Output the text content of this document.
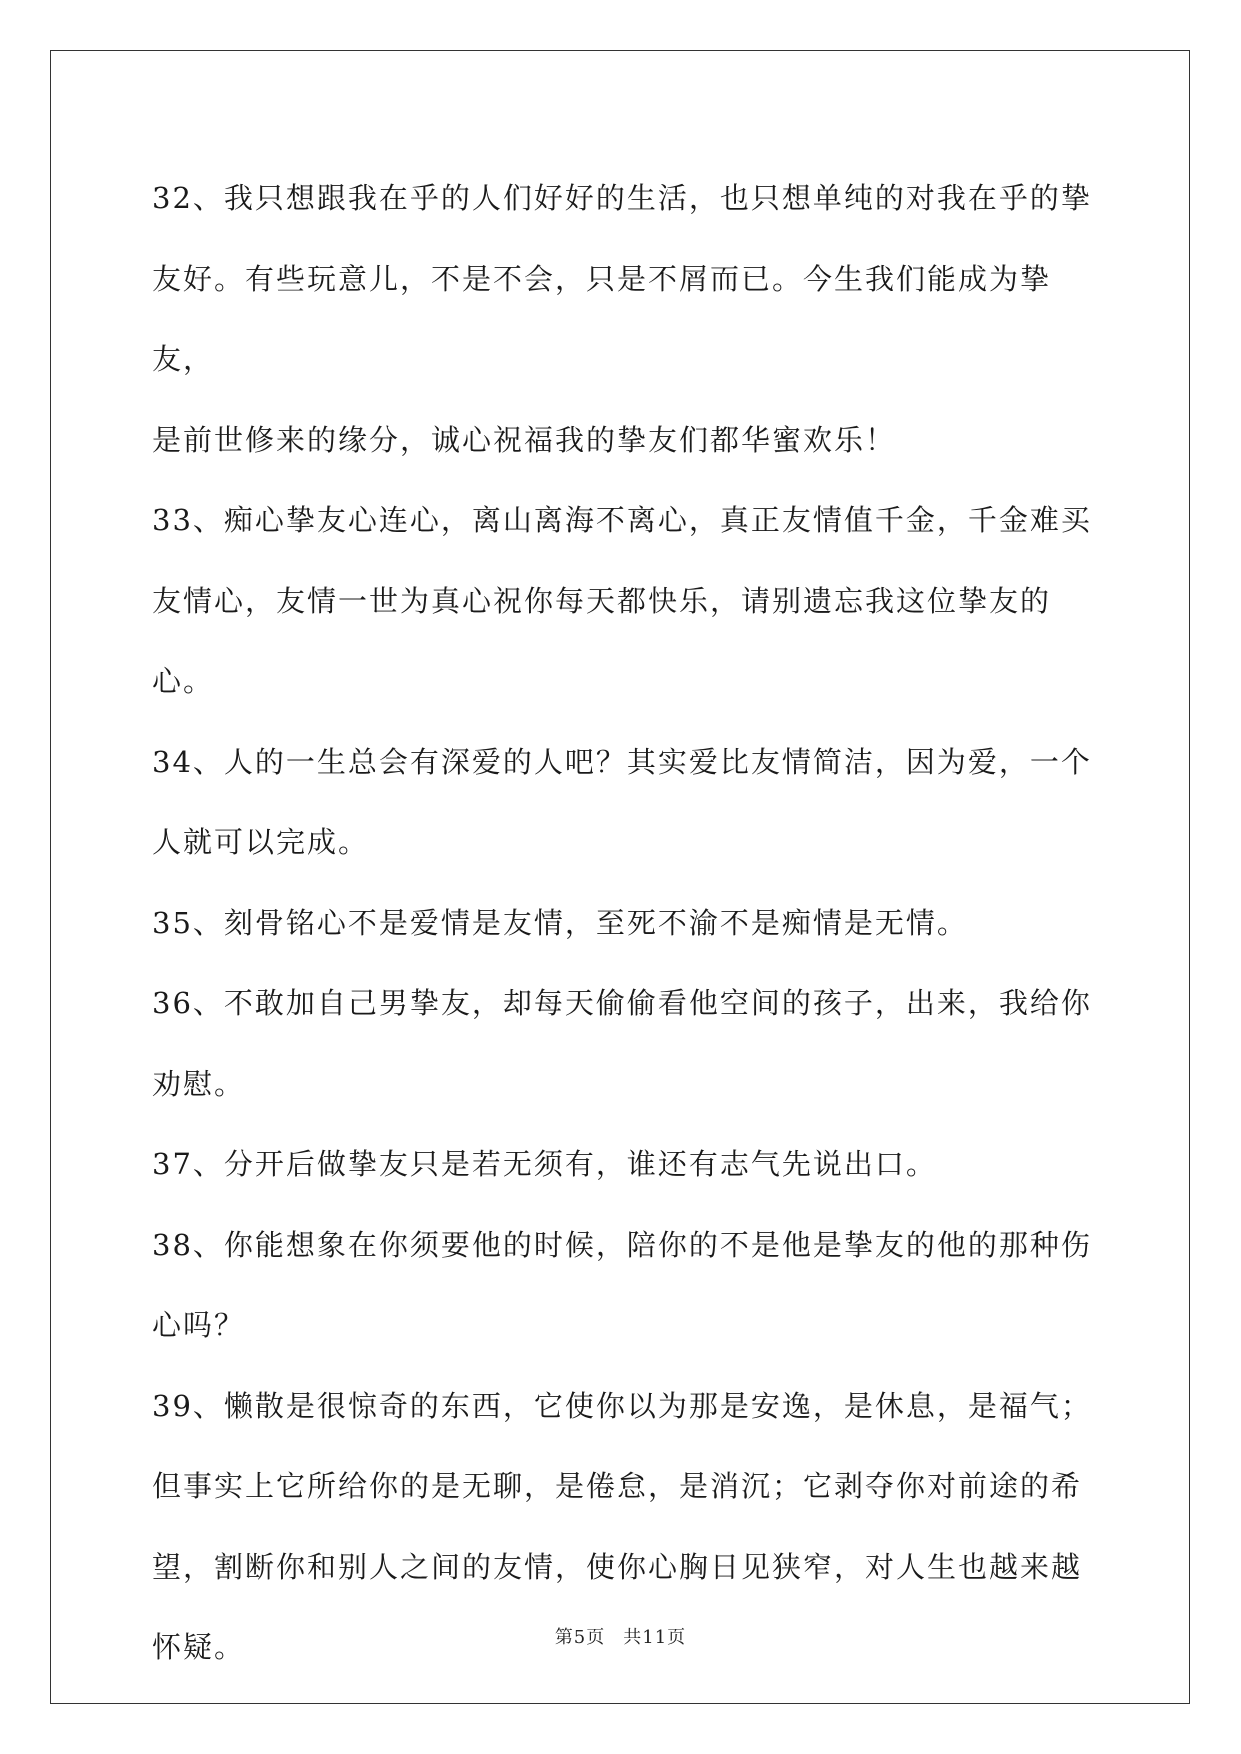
32、我只想跟我在乎的人们好好的生活，也只想单纯的对我在乎的挚

友好。有些玩意儿，不是不会，只是不屑而已。今生我们能成为挚友，

是前世修来的缘分，诚心祝福我的挚友们都华蜜欢乐！

33、痴心挚友心连心，离山离海不离心，真正友情值千金，千金难买

友情心，友情一世为真心祝你每天都快乐，请别遗忘我这位挚友的心。

34、人的一生总会有深爱的人吧？其实爱比友情简洁，因为爱，一个

人就可以完成。

35、刻骨铭心不是爱情是友情，至死不渝不是痴情是无情。

36、不敢加自己男挚友，却每天偷偷看他空间的孩子，出来，我给你

劝慰。

37、分开后做挚友只是若无须有，谁还有志气先说出口。

38、你能想象在你须要他的时候，陪你的不是他是挚友的他的那种伤

心吗？

39、懒散是很惊奇的东西，它使你以为那是安逸，是休息，是福气；

但事实上它所给你的是无聊，是倦怠，是消沉；它剥夺你对前途的希

望，割断你和别人之间的友情，使你心胸日见狭窄，对人生也越来越

怀疑。	第5页 共11页
